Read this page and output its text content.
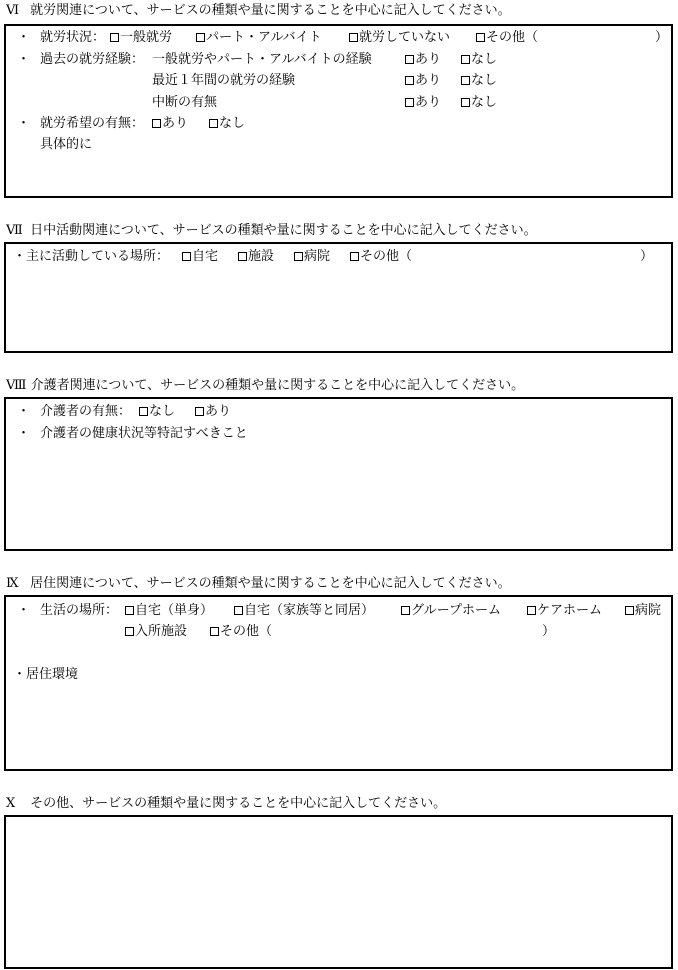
Ⅵ 就労関連について、サービスの種類や量に関することを中心に記入してください。
・ 就労状況：	一般就労	パート・アルバイト	就労していない	その他（	）
・ 過去の就労経験： 一般就労やパート・アルバイトの経験	あり	なし
最近１年間の就労の経験	あり	なし
中断の有無	あり	なし
・ 就労希望の有無：	あり	なし
具体的に
Ⅶ 日中活動関連について、サービスの種類や量に関することを中心に記入してください。
・主に活動している場所：	自宅	施設	病院	その他（	）
Ⅷ 介護者関連について、サービスの種類や量に関することを中心に記入してください。
・ 介護者の有無：	なし	あり
・ 介護者の健康状況等特記すべきこと
Ⅸ 居住関連について、サービスの種類や量に関することを中心に記入してください。
・ 生活の場所：	自宅（単身）	自宅（家族等と同居）	グループホーム	ケアホーム	病院
入所施設	その他（	）
・居住環境
Ⅹ その他、サービスの種類や量に関することを中心に記入してください。
